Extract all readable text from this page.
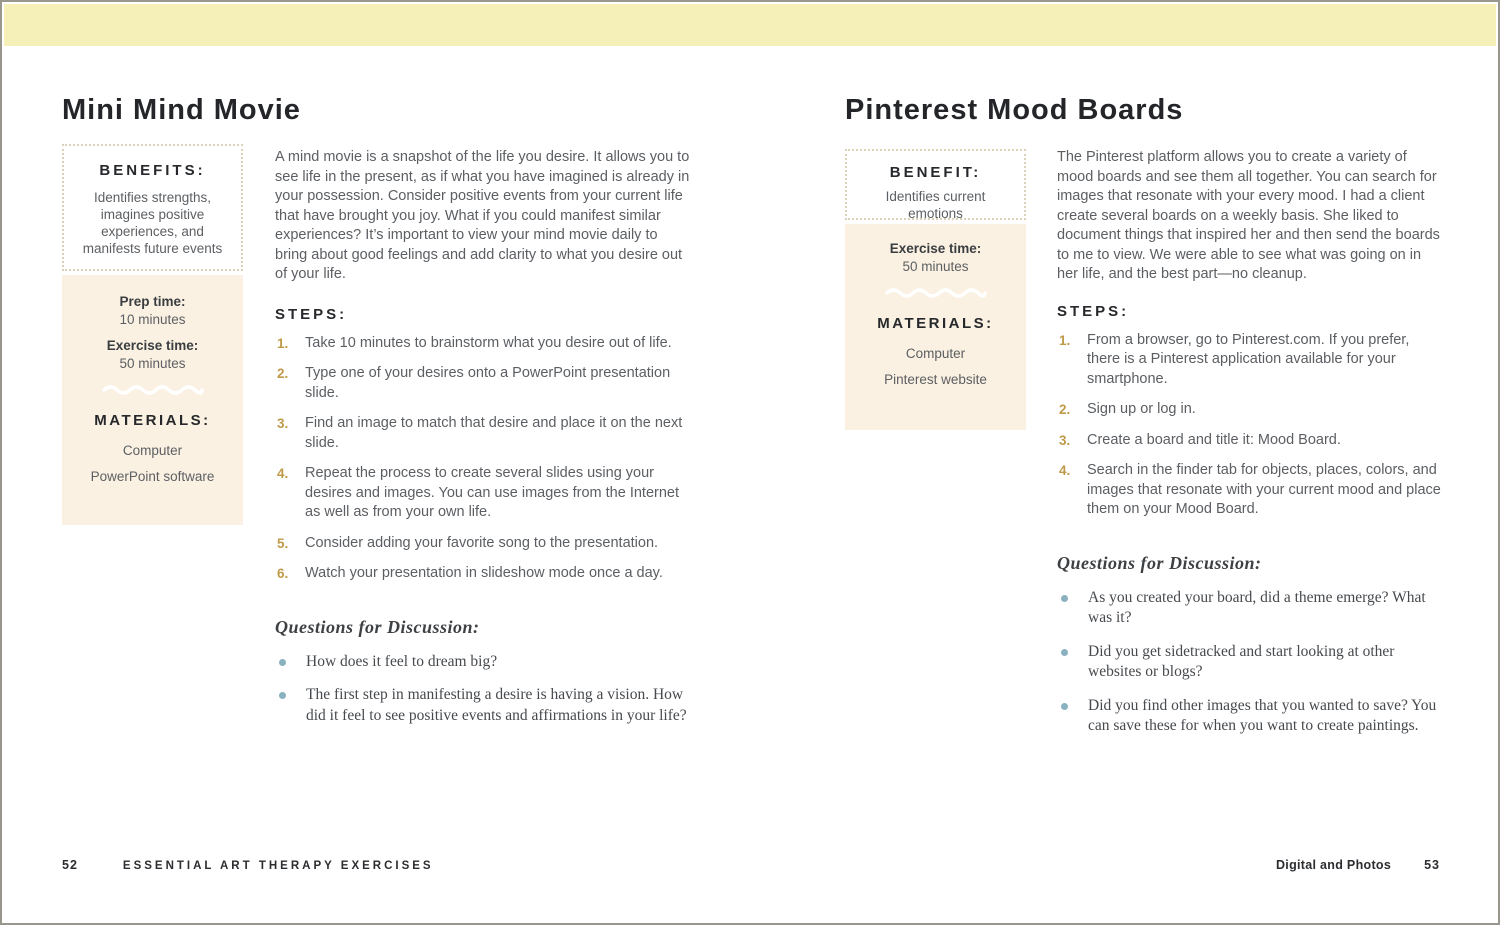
Mini Mind Movie
BENEFITS:
Identifies strengths, imagines positive experiences, and manifests future events
Prep time:
10 minutes
Exercise time:
50 minutes
MATERIALS:
Computer
PowerPoint software

A mind movie is a snapshot of the life you desire. It allows you to see life in the present, as if what you have imagined is already in your possession. Consider positive events from your current life that have brought you joy. What if you could manifest similar experiences? It’s important to view your mind movie daily to bring about good feelings and add clarity to what you desire out of your life.

STEPS:
Take 10 minutes to brainstorm what you desire out of life.
Type one of your desires onto a PowerPoint presentation slide.
Find an image to match that desire and place it on the next slide.
Repeat the process to create several slides using your desires and images. You can use images from the Internet as well as from your own life.
Consider adding your favorite song to the presentation.
Watch your presentation in slideshow mode once a day.
Questions for Discussion:
How does it feel to dream big?
The first step in manifesting a desire is having a vision. How did it feel to see positive events and affirmations in your life?
Pinterest Mood Boards
BENEFIT:
Identifies current emotions
Exercise time:
50 minutes
MATERIALS:
Computer
Pinterest website

The Pinterest platform allows you to create a variety of mood boards and see them all together. You can search for images that resonate with your every mood. I had a client create several boards on a weekly basis. She liked to document things that inspired her and then send the boards to me to view. We were able to see what was going on in her life, and the best part—no cleanup.

STEPS:
From a browser, go to Pinterest.com. If you prefer, there is a Pinterest application available for your smartphone.
Sign up or log in.
Create a board and title it: Mood Board.
Search in the finder tab for objects, places, colors, and images that resonate with your current mood and place them on your Mood Board.
Questions for Discussion:
As you created your board, did a theme emerge? What was it?
Did you get sidetracked and start looking at other websites or blogs?
Did you find other images that you wanted to save? You can save these for when you want to create paintings.
52	ESSENTIAL ART THERAPY EXERCISES	Digital and Photos	53
